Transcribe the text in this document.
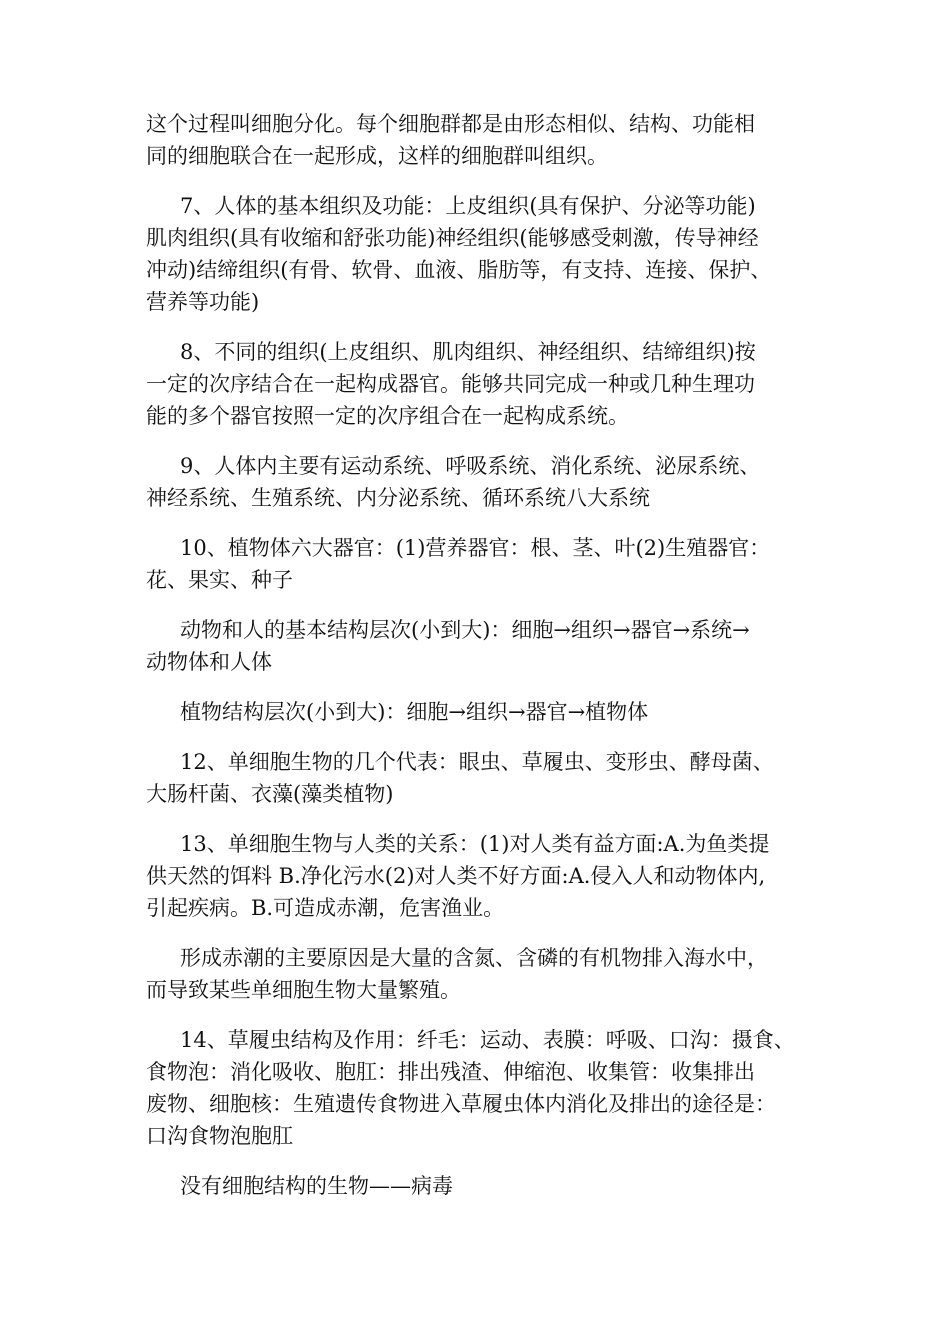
这个过程叫细胞分化。每个细胞群都是由形态相似、结构、功能相
同的细胞联合在一起形成，这样的细胞群叫组织。

7、人体的基本组织及功能：上皮组织(具有保护、分泌等功能)
肌肉组织(具有收缩和舒张功能)神经组织(能够感受刺激，传导神经
冲动)结缔组织(有骨、软骨、血液、脂肪等，有支持、连接、保护、
营养等功能)

8、不同的组织(上皮组织、肌肉组织、神经组织、结缔组织)按
一定的次序结合在一起构成器官。能够共同完成一种或几种生理功
能的多个器官按照一定的次序组合在一起构成系统。

9、人体内主要有运动系统、呼吸系统、消化系统、泌尿系统、
神经系统、生殖系统、内分泌系统、循环系统八大系统

10、植物体六大器官：(1)营养器官：根、茎、叶(2)生殖器官：
花、果实、种子

动物和人的基本结构层次(小到大)：细胞→组织→器官→系统→
动物体和人体

植物结构层次(小到大)：细胞→组织→器官→植物体

12、单细胞生物的几个代表：眼虫、草履虫、变形虫、酵母菌、
大肠杆菌、衣藻(藻类植物)

13、单细胞生物与人类的关系：(1)对人类有益方面:A.为鱼类提
供天然的饵料 B.净化污水(2)对人类不好方面:A.侵入人和动物体内,
引起疾病。B.可造成赤潮，危害渔业。

形成赤潮的主要原因是大量的含氮、含磷的有机物排入海水中，
而导致某些单细胞生物大量繁殖。

14、草履虫结构及作用：纤毛：运动、表膜：呼吸、口沟：摄食、
食物泡：消化吸收、胞肛：排出残渣、伸缩泡、收集管：收集排出
废物、细胞核：生殖遗传食物进入草履虫体内消化及排出的途径是：
口沟食物泡胞肛

没有细胞结构的生物——病毒
